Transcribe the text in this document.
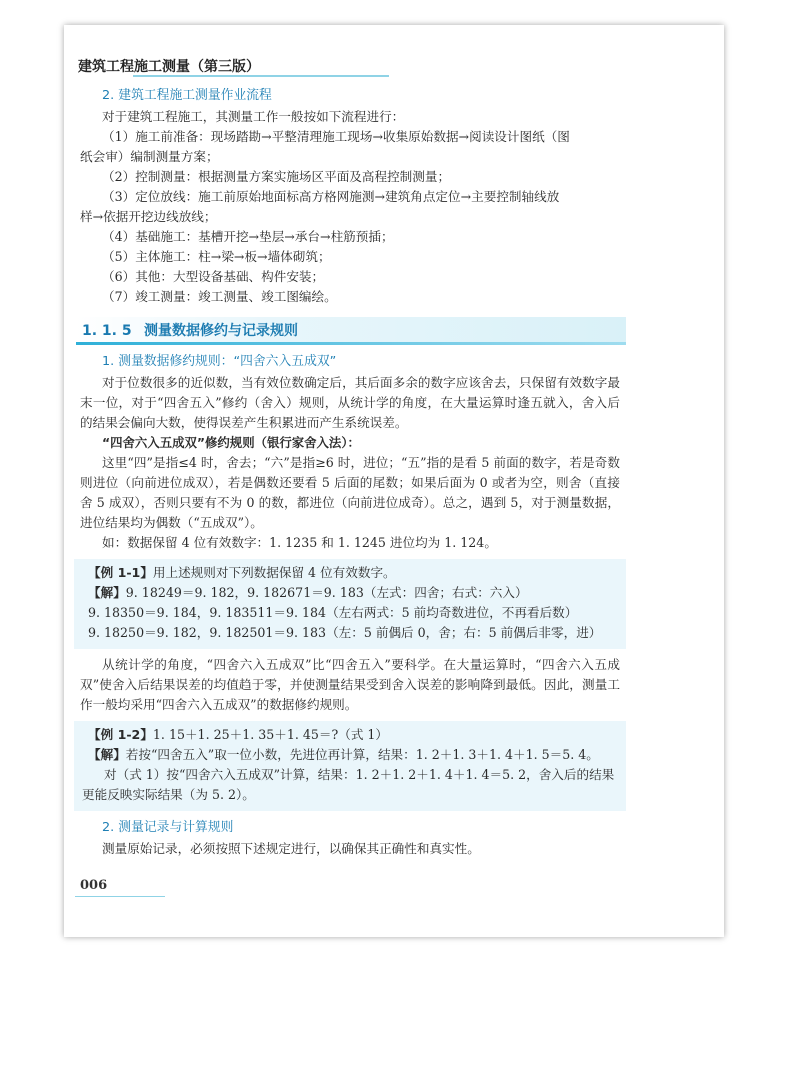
建筑工程施工测量（第三版）
2. 建筑工程施工测量作业流程

对于建筑工程施工，其测量工作一般按如下流程进行：

（1）施工前准备：现场踏勘→平整清理施工现场→收集原始数据→阅读设计图纸（图

纸会审）编制测量方案；

（2）控制测量：根据测量方案实施场区平面及高程控制测量；

（3）定位放线：施工前原始地面标高方格网施测→建筑角点定位→主要控制轴线放

样→依据开挖边线放线；

（4）基础施工：基槽开挖→垫层→承台→柱筋预插；

（5）主体施工：柱→梁→板→墙体砌筑；

（6）其他：大型设备基础、构件安装；

（7）竣工测量：竣工测量、竣工图编绘。

1. 1. 5 测量数据修约与记录规则
1. 测量数据修约规则：“四舍六入五成双”

对于位数很多的近似数，当有效位数确定后，其后面多余的数字应该舍去，只保留有效数字最末一位，对于“四舍五入”修约（舍入）规则，从统计学的角度，在大量运算时逢五就入，舍入后的结果会偏向大数，使得误差产生积累进而产生系统误差。

“四舍六入五成双”修约规则（银行家舍入法）：

这里“四”是指≤4 时，舍去；“六”是指≥6 时，进位；“五”指的是看 5 前面的数字，若是奇数则进位（向前进位成双），若是偶数还要看 5 后面的尾数；如果后面为 0 或者为空，则舍（直接舍 5 成双），否则只要有不为 0 的数，都进位（向前进位成奇）。总之，遇到 5，对于测量数据，进位结果均为偶数（“五成双”）。

如：数据保留 4 位有效数字：1. 1235 和 1. 1245 进位均为 1. 124。

【例 1-1】用上述规则对下列数据保留 4 位有效数字。

【解】9. 18249＝9. 182，9. 182671＝9. 183（左式：四舍；右式：六入）

9. 18350＝9. 184，9. 183511＝9. 184（左右两式：5 前均奇数进位，不再看后数）

9. 18250＝9. 182，9. 182501＝9. 183（左：5 前偶后 0，舍；右：5 前偶后非零，进）

从统计学的角度，“四舍六入五成双”比“四舍五入”要科学。在大量运算时，“四舍六入五成双”使舍入后结果误差的均值趋于零，并使测量结果受到舍入误差的影响降到最低。因此，测量工作一般均采用“四舍六入五成双”的数据修约规则。

【例 1-2】1. 15＋1. 25＋1. 35＋1. 45＝?（式 1）

【解】若按“四舍五入”取一位小数，先进位再计算，结果：1. 2＋1. 3＋1. 4＋1. 5＝5. 4。

对（式 1）按“四舍六入五成双”计算，结果：1. 2＋1. 2＋1. 4＋1. 4＝5. 2，舍入后的结果更能反映实际结果（为 5. 2）。

2. 测量记录与计算规则

测量原始记录，必须按照下述规定进行，以确保其正确性和真实性。

006
